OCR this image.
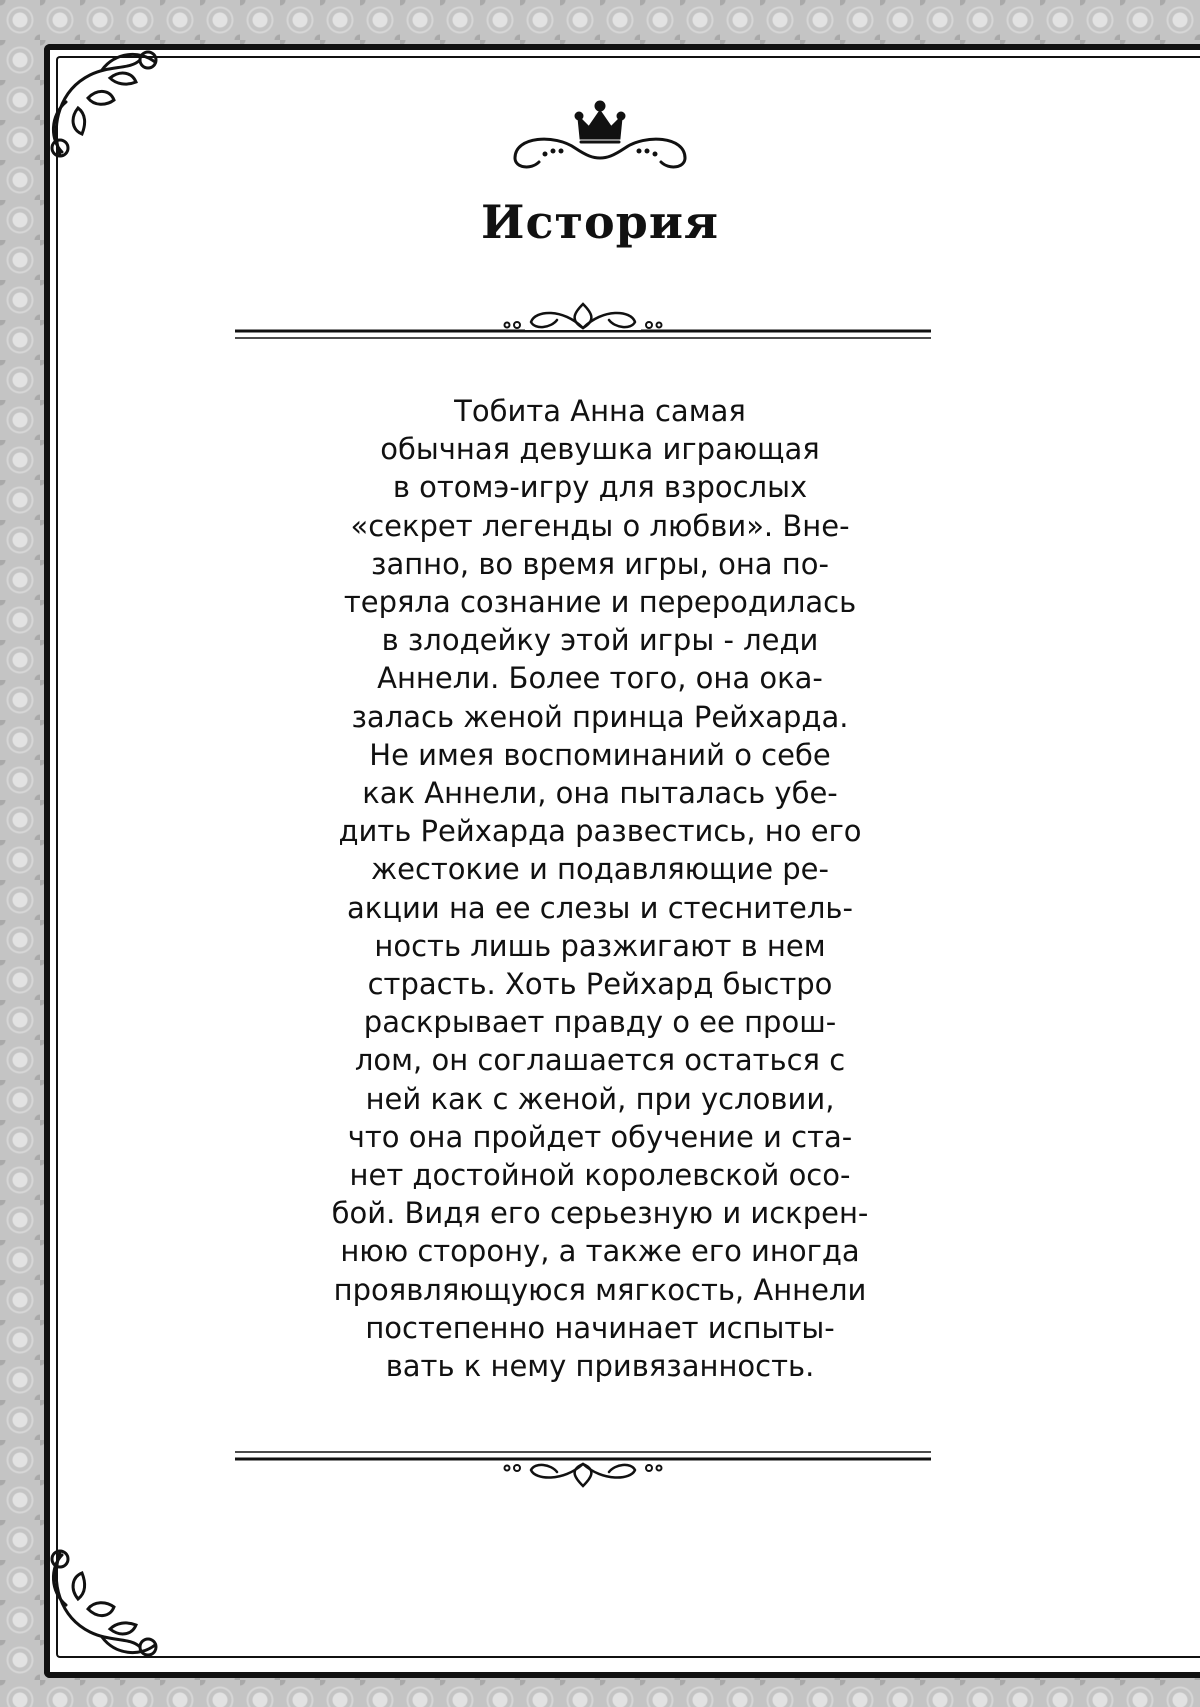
История
Тобита Анна самая
обычная девушка играющая
в отомэ-игру для взрослых
«секрет легенды о любви». Вне-
запно, во время игры, она по-
теряла сознание и переродилась
в злодейку этой игры - леди
Аннели. Более того, она ока-
залась женой принца Рейхарда.
Не имея воспоминаний о себе
как Аннели, она пыталась убе-
дить Рейхарда развестись, но его
жестокие и подавляющие ре-
акции на ее слезы и стеснитель-
ность лишь разжигают в нем
страсть. Хоть Рейхард быстро
раскрывает правду о ее прош-
лом, он соглашается остаться с
ней как с женой, при условии,
что она пройдет обучение и ста-
нет достойной королевской осо-
бой. Видя его серьезную и искрен-
нюю сторону, а также его иногда
проявляющуюся мягкость, Аннели
постепенно начинает испыты-
вать к нему привязанность.
